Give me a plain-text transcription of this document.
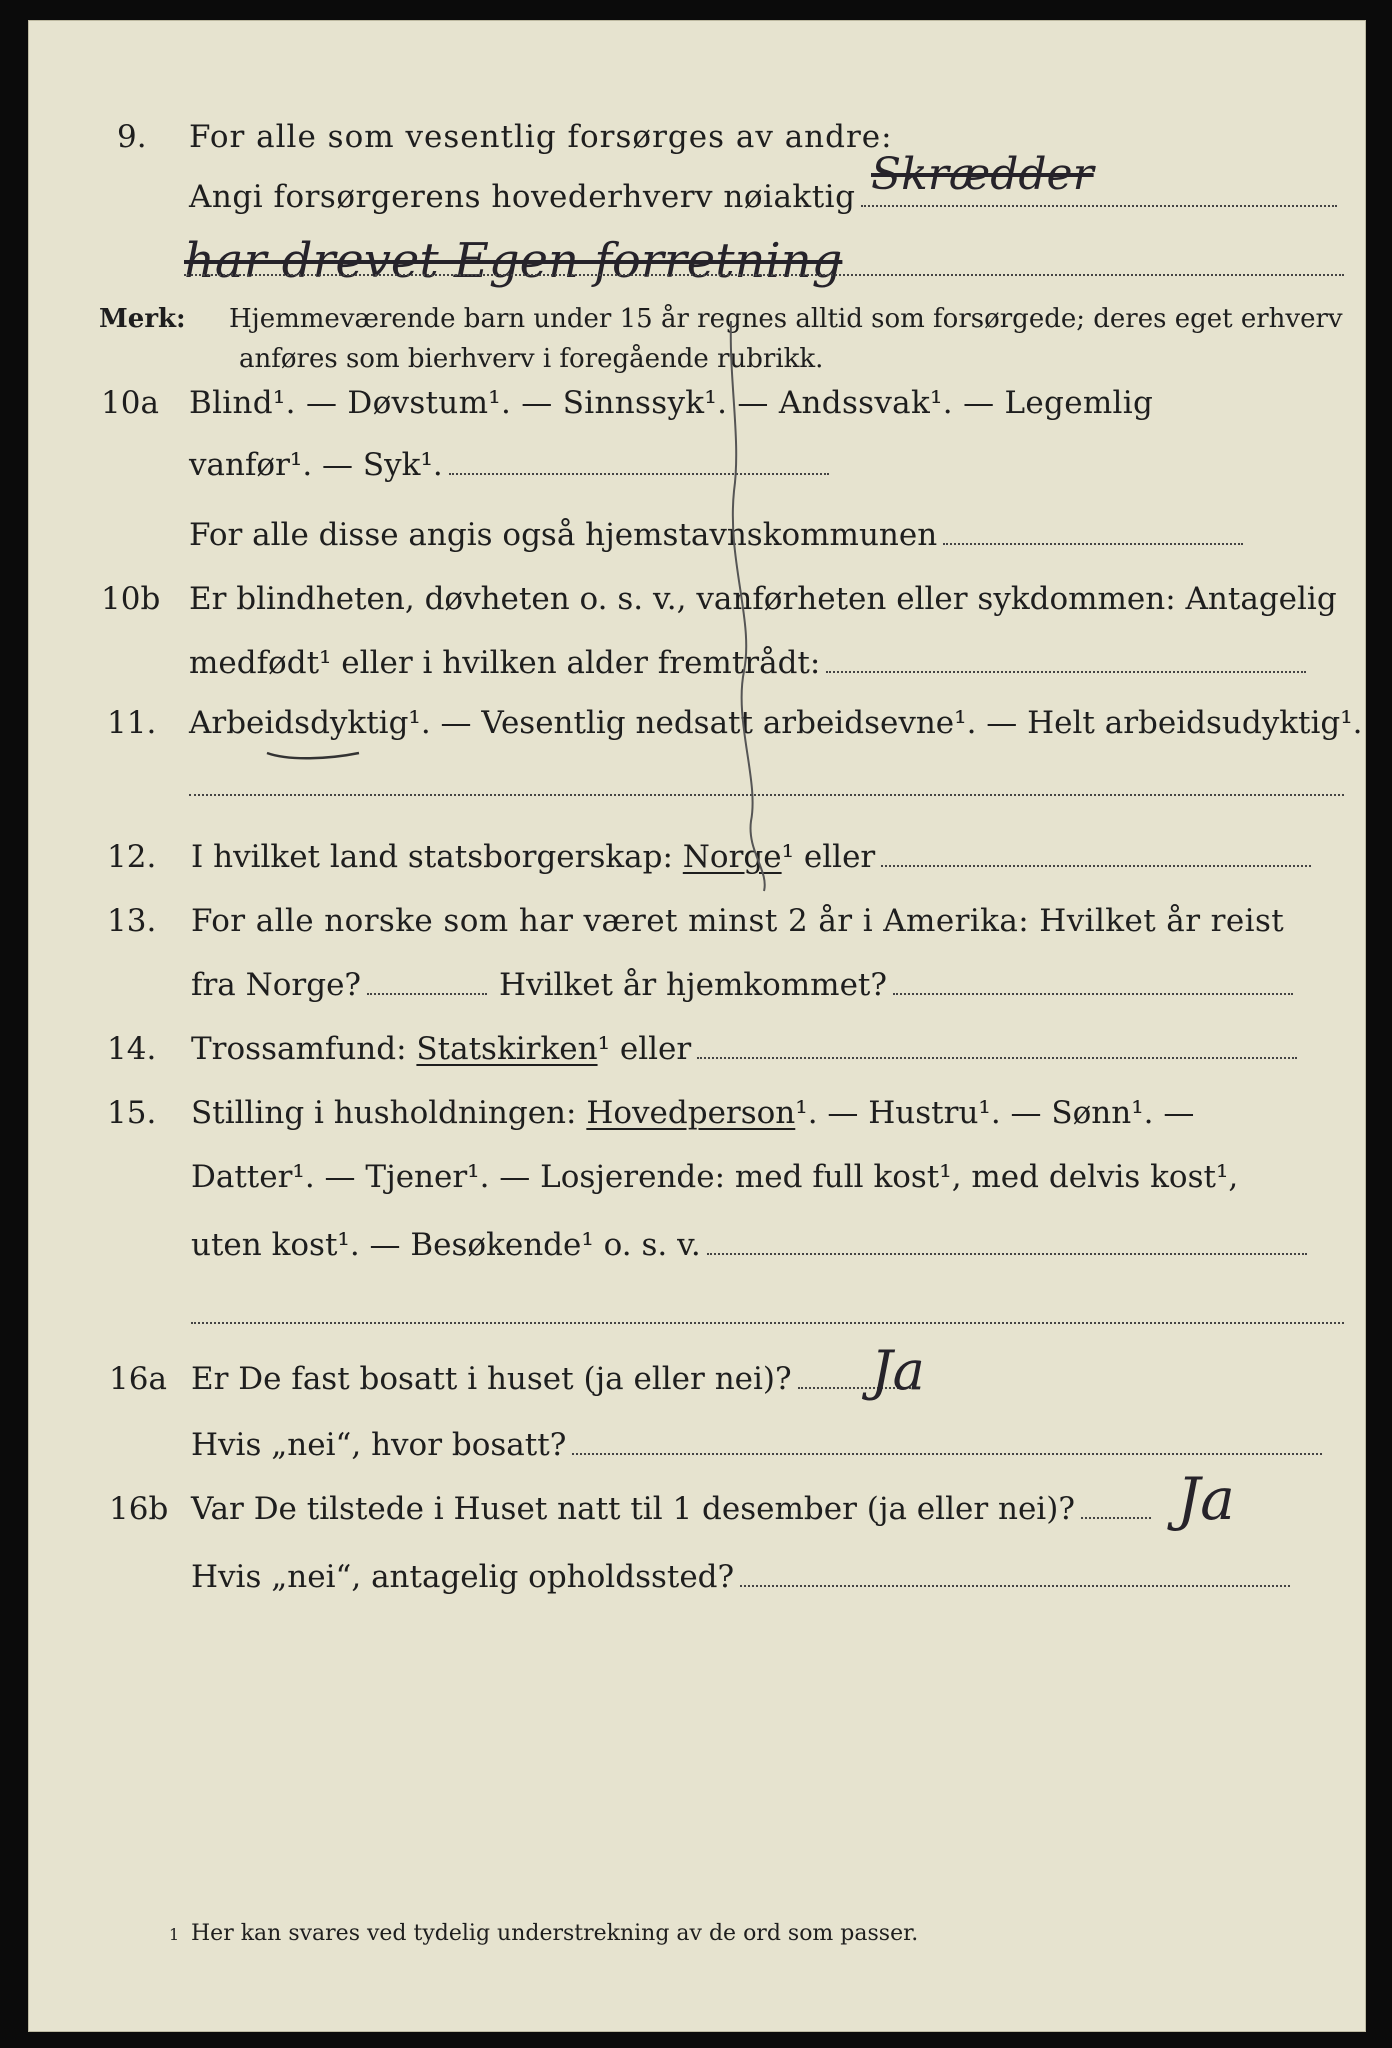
9. For alle som vesentlig forsørges av andre:
Angi forsørgerens hovederhverv nøiaktig Skrædder
har drevet Egen forretning
Merk: Hjemmeværende barn under 15 år regnes alltid som forsørgede; deres eget erhverv
anføres som bierhverv i foregående rubrikk.
10a Blind¹. — Døvstum¹. — Sinnssyk¹. — Andssvak¹. — Legemlig
vanfør¹. — Syk¹.
For alle disse angis også hjemstavnskommunen
10b Er blindheten, døvheten o. s. v., vanførheten eller sykdommen: Antagelig
medfødt¹ eller i hvilken alder fremtrådt:
11. Arbeidsdyktig¹. — Vesentlig nedsatt arbeidsevne¹. — Helt arbeidsudyktig¹.
12. I hvilket land statsborgerskap: Norge¹ eller
13. For alle norske som har været minst 2 år i Amerika: Hvilket år reist
fra Norge?	Hvilket år hjemkommet?
14. Trossamfund: Statskirken¹ eller
15. Stilling i husholdningen: Hovedperson¹. — Hustru¹. — Sønn¹. —
Datter¹. — Tjener¹. — Losjerende: med full kost¹, med delvis kost¹,
uten kost¹. — Besøkende¹ o. s. v.
16a Er De fast bosatt i huset (ja eller nei)?	Ja
Hvis „nei“, hvor bosatt?
16b Var De tilstede i Huset natt til 1 desember (ja eller nei)?	Ja
Hvis „nei“, antagelig opholdssted?
1 Her kan svares ved tydelig understrekning av de ord som passer.
